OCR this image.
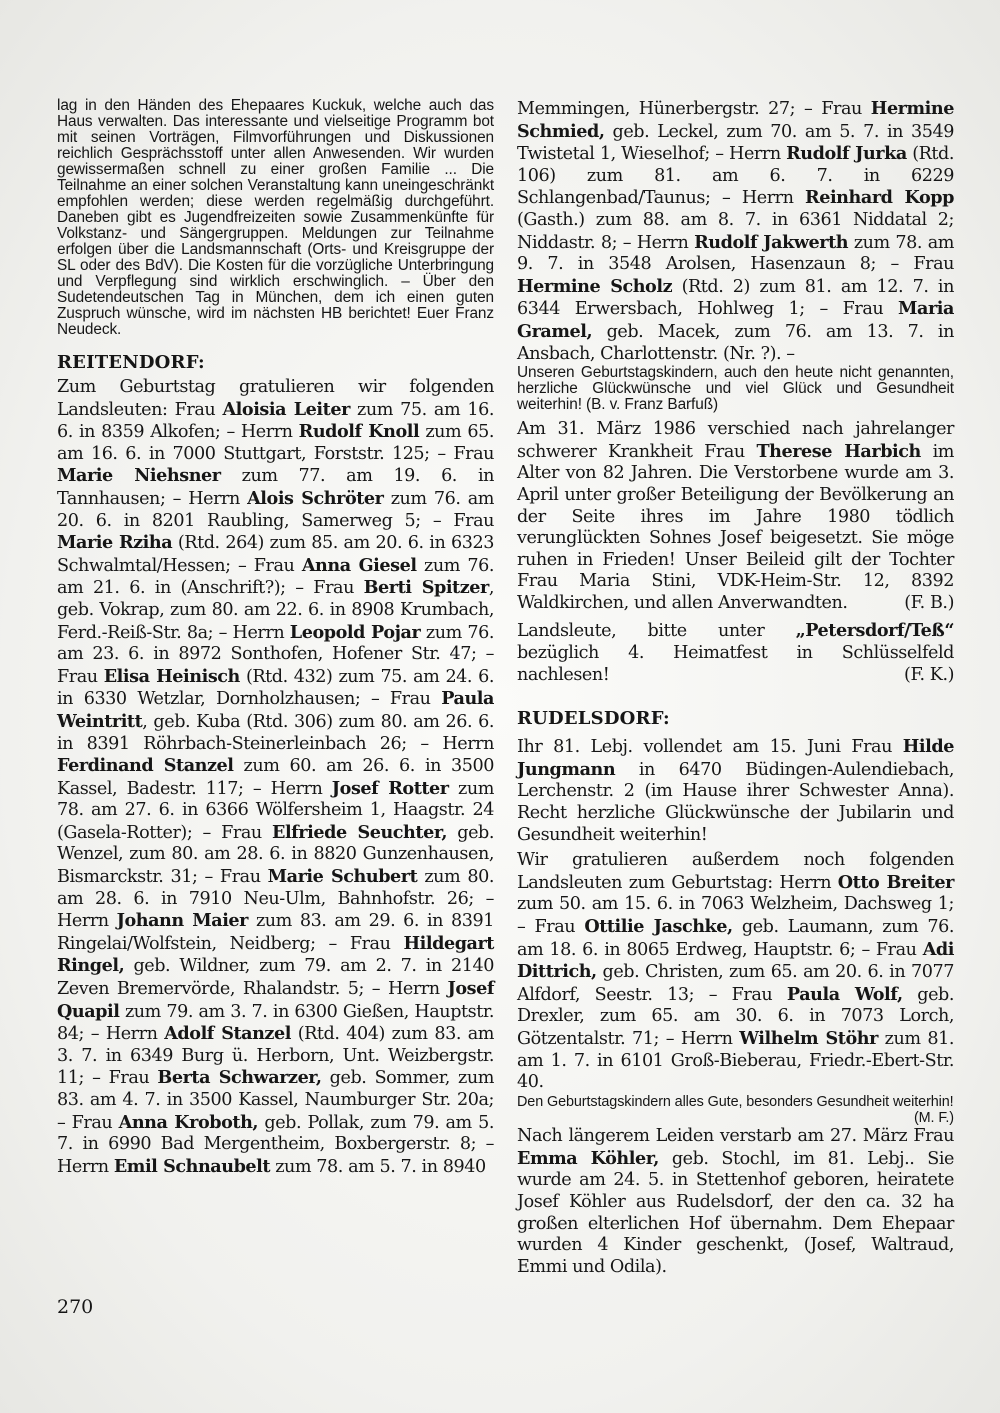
lag in den Händen des Ehepaares Kuckuk, welche auch das Haus verwalten. Das interessante und vielseitige Programm bot mit seinen Vorträgen, Filmvorführungen und Diskussionen reichlich Gesprächsstoff unter allen Anwesenden. Wir wurden gewissermaßen schnell zu einer großen Familie ... Die Teilnahme an einer solchen Veranstaltung kann uneingeschränkt empfohlen werden; diese werden regelmäßig durchgeführt. Daneben gibt es Jugendfreizeiten sowie Zusammenkünfte für Volkstanz- und Sängergruppen. Meldungen zur Teilnahme erfolgen über die Landsmannschaft (Orts- und Kreisgruppe der SL oder des BdV). Die Kosten für die vorzügliche Unterbringung und Verpflegung sind wirklich erschwinglich. – Über den Sudetendeutschen Tag in München, dem ich einen guten Zuspruch wünsche, wird im nächsten HB berichtet! Euer Franz Neudeck.

REITENDORF:

Zum Geburtstag gratulieren wir folgenden Landsleuten: Frau Aloisia Leiter zum 75. am 16. 6. in 8359 Alkofen; – Herrn Rudolf Knoll zum 65. am 16. 6. in 7000 Stuttgart, Forststr. 125; – Frau Marie Niehsner zum 77. am 19. 6. in Tannhausen; – Herrn Alois Schröter zum 76. am 20. 6. in 8201 Raubling, Samerweg 5; – Frau Marie Rziha (Rtd. 264) zum 85. am 20. 6. in 6323 Schwalmtal/Hessen; – Frau Anna Giesel zum 76. am 21. 6. in (Anschrift?); – Frau Berti Spitzer, geb. Vokrap, zum 80. am 22. 6. in 8908 Krumbach, Ferd.-Reiß-Str. 8a; – Herrn Leopold Pojar zum 76. am 23. 6. in 8972 Sonthofen, Hofener Str. 47; – Frau Elisa Heinisch (Rtd. 432) zum 75. am 24. 6. in 6330 Wetzlar, Dornholzhausen; – Frau Paula Weintritt, geb. Kuba (Rtd. 306) zum 80. am 26. 6. in 8391 Röhrbach-Steinerleinbach 26; – Herrn Ferdinand Stanzel zum 60. am 26. 6. in 3500 Kassel, Badestr. 117; – Herrn Josef Rotter zum 78. am 27. 6. in 6366 Wölfersheim 1, Haagstr. 24 (Gasela-Rotter); – Frau Elfriede Seuchter, geb. Wenzel, zum 80. am 28. 6. in 8820 Gunzenhausen, Bismarckstr. 31; – Frau Marie Schubert zum 80. am 28. 6. in 7910 Neu-Ulm, Bahnhofstr. 26; – Herrn Johann Maier zum 83. am 29. 6. in 8391 Ringelai/Wolfstein, Neidberg; – Frau Hildegart Ringel, geb. Wildner, zum 79. am 2. 7. in 2140 Zeven Bremervörde, Rhalandstr. 5; – Herrn Josef Quapil zum 79. am 3. 7. in 6300 Gießen, Hauptstr. 84; – Herrn Adolf Stanzel (Rtd. 404) zum 83. am 3. 7. in 6349 Burg ü. Herborn, Unt. Weizbergstr. 11; – Frau Berta Schwarzer, geb. Sommer, zum 83. am 4. 7. in 3500 Kassel, Naumburger Str. 20a; – Frau Anna Kroboth, geb. Pollak, zum 79. am 5. 7. in 6990 Bad Mergentheim, Boxbergerstr. 8; – Herrn Emil Schnaubelt zum 78. am 5. 7. in 8940

Memmingen, Hünerbergstr. 27; – Frau Hermine Schmied, geb. Leckel, zum 70. am 5. 7. in 3549 Twistetal 1, Wieselhof; – Herrn Rudolf Jurka (Rtd. 106) zum 81. am 6. 7. in 6229 Schlangenbad/Taunus; – Herrn Reinhard Kopp (Gasth.) zum 88. am 8. 7. in 6361 Niddatal 2; Niddastr. 8; – Herrn Rudolf Jakwerth zum 78. am 9. 7. in 3548 Arolsen, Hasenzaun 8; – Frau Hermine Scholz (Rtd. 2) zum 81. am 12. 7. in 6344 Erwersbach, Hohlweg 1; – Frau Maria Gramel, geb. Macek, zum 76. am 13. 7. in Ansbach, Charlottenstr. (Nr. ?). –

Unseren Geburtstagskindern, auch den heute nicht genannten, herzliche Glückwünsche und viel Glück und Gesundheit weiterhin! (B. v. Franz Barfuß)

Am 31. März 1986 verschied nach jahrelanger schwerer Krankheit Frau Therese Harbich im Alter von 82 Jahren. Die Verstorbene wurde am 3. April unter großer Beteiligung der Bevölkerung an der Seite ihres im Jahre 1980 tödlich verunglückten Sohnes Josef beigesetzt. Sie möge ruhen in Frieden! Unser Beileid gilt der Tochter Frau Maria Stini, VDK-Heim-Str. 12, 8392 Waldkirchen, und allen Anverwandten.	(F. B.)

Landsleute, bitte unter „Petersdorf/Teß“ bezüglich 4. Heimatfest in Schlüsselfeld nachlesen!	(F. K.)

RUDELSDORF:

Ihr 81. Lebj. vollendet am 15. Juni Frau Hilde Jungmann in 6470 Büdingen-Aulendiebach, Lerchenstr. 2 (im Hause ihrer Schwester Anna). Recht herzliche Glückwünsche der Jubilarin und Gesundheit weiterhin!

Wir gratulieren außerdem noch folgenden Landsleuten zum Geburtstag: Herrn Otto Breiter zum 50. am 15. 6. in 7063 Welzheim, Dachsweg 1; – Frau Ottilie Jaschke, geb. Laumann, zum 76. am 18. 6. in 8065 Erdweg, Hauptstr. 6; – Frau Adi Dittrich, geb. Christen, zum 65. am 20. 6. in 7077 Alfdorf, Seestr. 13; – Frau Paula Wolf, geb. Drexler, zum 65. am 30. 6. in 7073 Lorch, Götzentalstr. 71; – Herrn Wilhelm Stöhr zum 81. am 1. 7. in 6101 Groß-Bieberau, Friedr.-Ebert-Str. 40.

Den Geburtstagskindern alles Gute, besonders Gesundheit weiterhin!
(M. F.)

Nach längerem Leiden verstarb am 27. März Frau Emma Köhler, geb. Stochl, im 81. Lebj.. Sie wurde am 24. 5. in Stettenhof geboren, heiratete Josef Köhler aus Rudelsdorf, der den ca. 32 ha großen elterlichen Hof übernahm. Dem Ehepaar wurden 4 Kinder geschenkt, (Josef, Waltraud, Emmi und Odila).

270
